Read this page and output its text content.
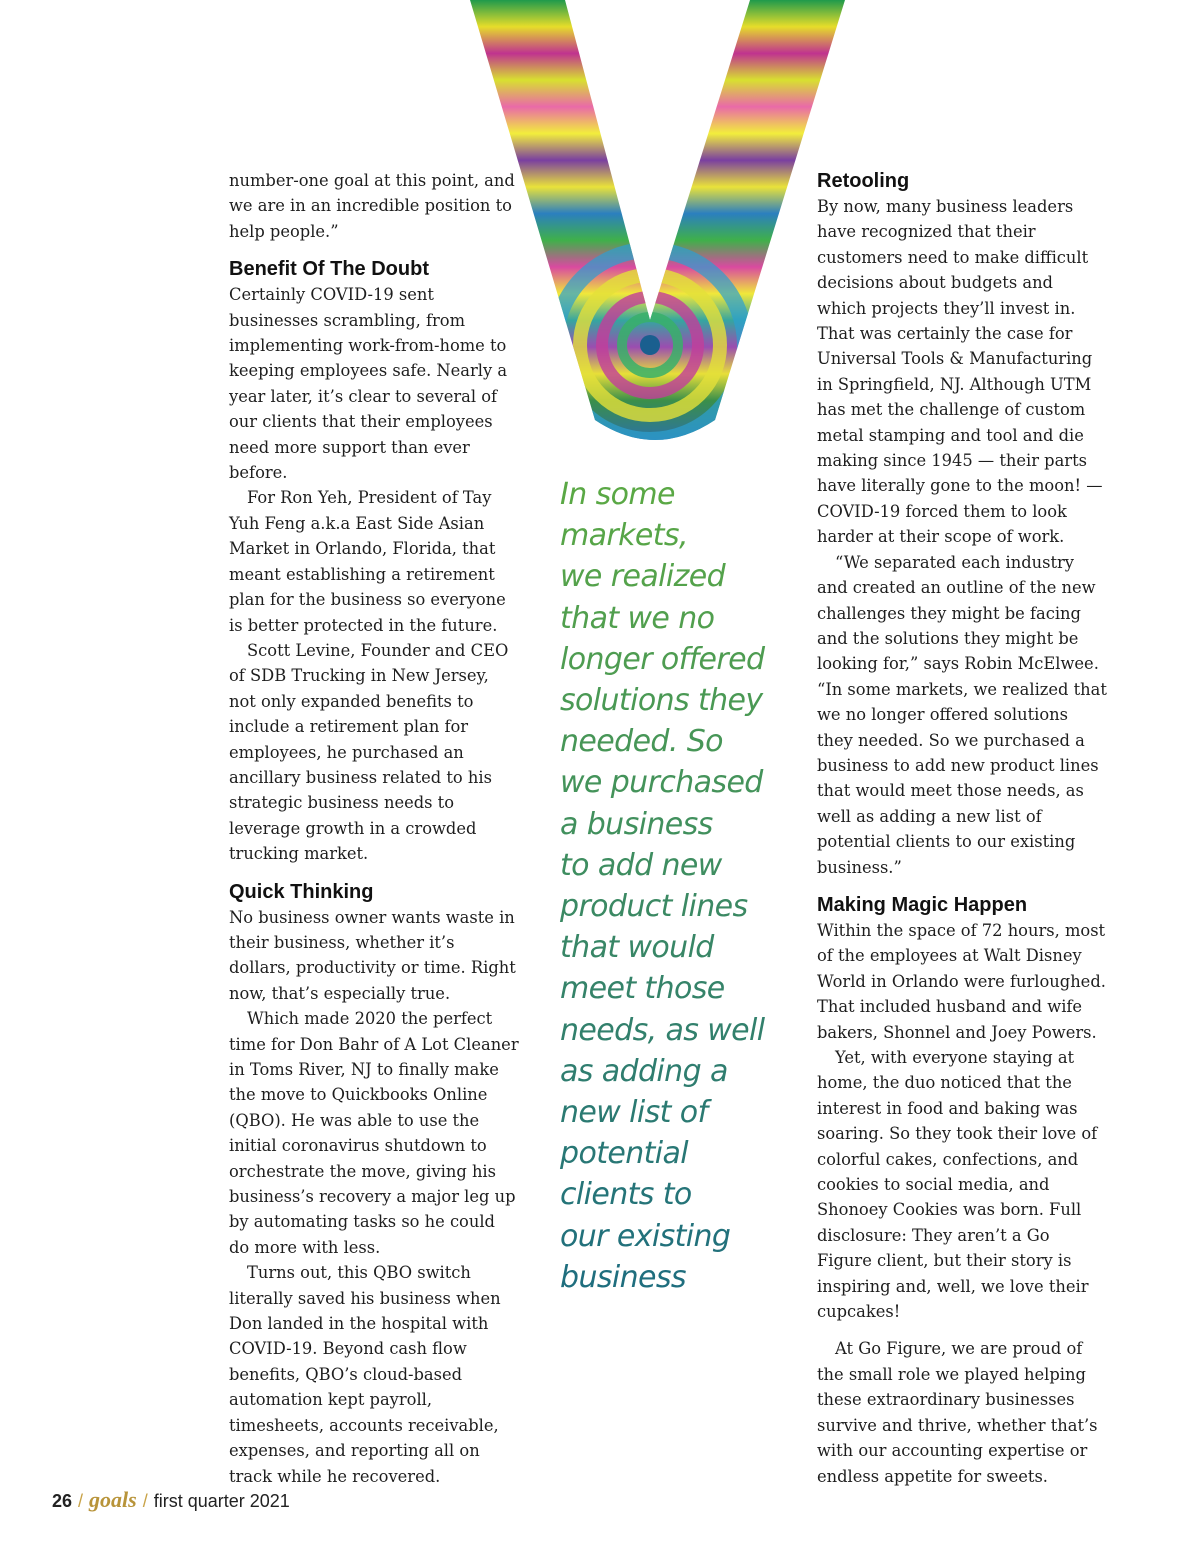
number-one goal at this point, and we are in an incredible position to help people.”

Benefit Of The Doubt

Certainly COVID-19 sent businesses scrambling, from implementing work-from-home to keeping employees safe. Nearly a year later, it’s clear to several of our clients that their employees need more support than ever before.

For Ron Yeh, President of Tay Yuh Feng a.k.a East Side Asian Market in Orlando, Florida, that meant establishing a retirement plan for the business so everyone is better protected in the future.

Scott Levine, Founder and CEO of SDB Trucking in New Jersey, not only expanded benefits to include a retirement plan for employees, he purchased an ancillary business related to his strategic business needs to leverage growth in a crowded trucking market.

Quick Thinking

No business owner wants waste in their business, whether it’s dollars, productivity or time. Right now, that’s especially true.

Which made 2020 the perfect time for Don Bahr of A Lot Cleaner in Toms River, NJ to finally make the move to Quickbooks Online (QBO). He was able to use the initial coronavirus shutdown to orchestrate the move, giving his business’s recovery a major leg up by automating tasks so he could do more with less.

Turns out, this QBO switch literally saved his business when Don landed in the hospital with COVID-19. Beyond cash flow benefits, QBO’s cloud-based automation kept payroll, timesheets, accounts receivable, expenses, and reporting all on track while he recovered.

In some
markets,
we realized
that we no
longer offered
solutions they
needed. So
we purchased
a business
to add new
product lines
that would
meet those
needs, as well
as adding a
new list of
potential
clients to
our existing
business

Retooling

By now, many business leaders have recognized that their customers need to make difficult decisions about budgets and which projects they’ll invest in. That was certainly the case for Universal Tools & Manufacturing in Springfield, NJ. Although UTM has met the challenge of custom metal stamping and tool and die making since 1945 — their parts have literally gone to the moon! — COVID-19 forced them to look harder at their scope of work.

“We separated each industry and created an outline of the new challenges they might be facing and the solutions they might be looking for,” says Robin McElwee. “In some markets, we realized that we no longer offered solutions they needed. So we purchased a business to add new product lines that would meet those needs, as well as adding a new list of potential clients to our existing business.”

Making Magic Happen

Within the space of 72 hours, most of the employees at Walt Disney World in Orlando were furloughed. That included husband and wife bakers, Shonnel and Joey Powers.

Yet, with everyone staying at home, the duo noticed that the interest in food and baking was soaring. So they took their love of colorful cakes, confections, and cookies to social media, and Shonoey Cookies was born. Full disclosure: They aren’t a Go Figure client, but their story is inspiring and, well, we love their cupcakes!

At Go Figure, we are proud of the small role we played helping these extraordinary businesses survive and thrive, whether that’s with our accounting expertise or endless appetite for sweets.

26 / goals / first quarter 2021
